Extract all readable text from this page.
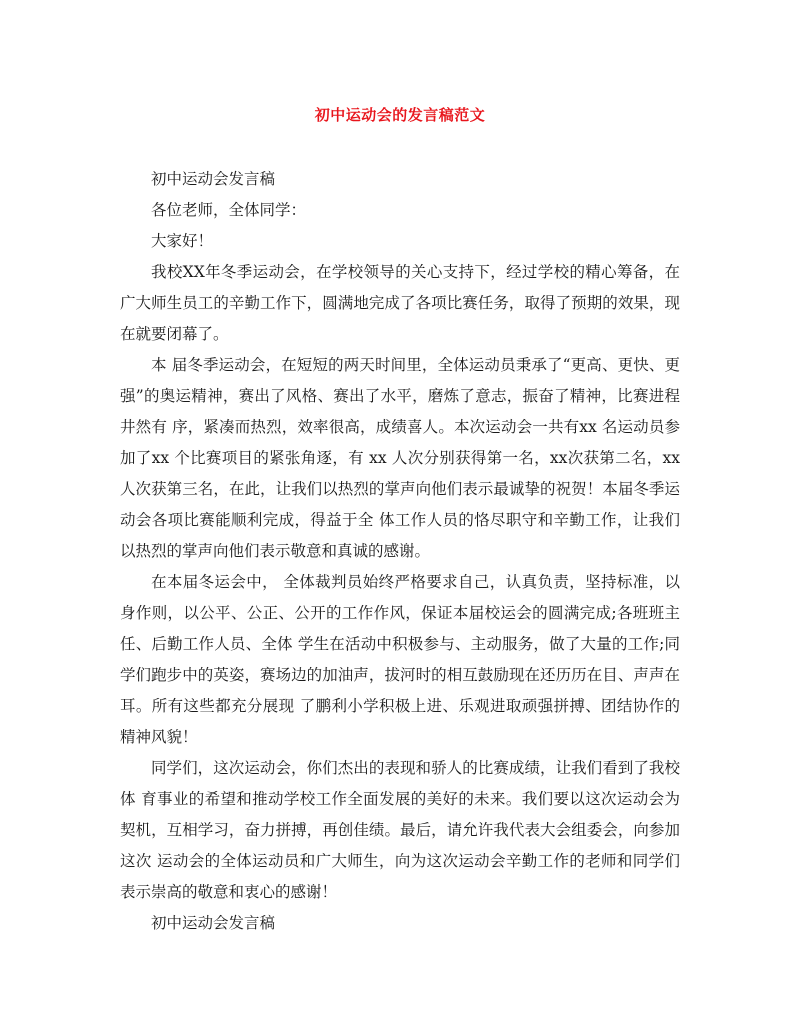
初中运动会的发言稿范文

初中运动会发言稿

各位老师，全体同学：

大家好！

我校XX年冬季运动会，在学校领导的关心支持下，经过学校的精心筹备，在广大师生员工的辛勤工作下，圆满地完成了各项比赛任务，取得了预期的效果，现在就要闭幕了。

本 届冬季运动会，在短短的两天时间里，全体运动员秉承了“更高、更快、更强”的奥运精神，赛出了风格、赛出了水平，磨炼了意志，振奋了精神，比赛进程井然有 序，紧凑而热烈，效率很高，成绩喜人。本次运动会一共有xx 名运动员参加了xx 个比赛项目的紧张角逐，有 xx 人次分别获得第一名，xx次获第二名，xx人次获第三名，在此，让我们以热烈的掌声向他们表示最诚挚的祝贺！本届冬季运动会各项比赛能顺利完成，得益于全 体工作人员的恪尽职守和辛勤工作，让我们以热烈的掌声向他们表示敬意和真诚的感谢。

在本届冬运会中， 全体裁判员始终严格要求自己，认真负责，坚持标准，以身作则，以公平、公正、公开的工作作风，保证本届校运会的圆满完成;各班班主任、后勤工作人员、全体 学生在活动中积极参与、主动服务，做了大量的工作;同学们跑步中的英姿，赛场边的加油声，拔河时的相互鼓励现在还历历在目、声声在耳。所有这些都充分展现 了鹏利小学积极上进、乐观进取顽强拼搏、团结协作的精神风貌！

同学们，这次运动会，你们杰出的表现和骄人的比赛成绩，让我们看到了我校体 育事业的希望和推动学校工作全面发展的美好的未来。我们要以这次运动会为契机，互相学习，奋力拼搏，再创佳绩。最后，请允许我代表大会组委会，向参加这次 运动会的全体运动员和广大师生，向为这次运动会辛勤工作的老师和同学们表示崇高的敬意和衷心的感谢！

初中运动会发言稿
